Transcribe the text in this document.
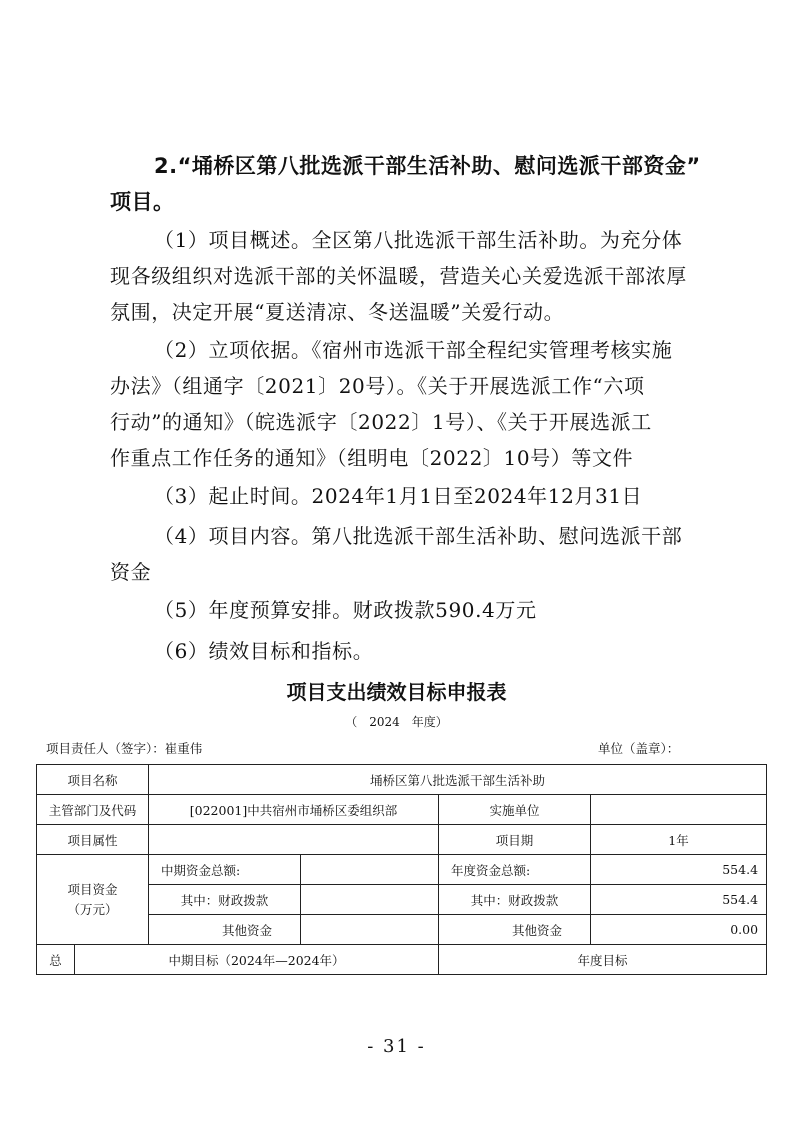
2.“埇桥区第八批选派干部生活补助、慰问选派干部资金”
项目。
（1）项目概述。全区第八批选派干部生活补助。为充分体
现各级组织对选派干部的关怀温暖，营造关心关爱选派干部浓厚
氛围，决定开展“夏送清凉、冬送温暖”关爱行动。
（2）立项依据。《宿州市选派干部全程纪实管理考核实施
办法》（组通字〔2021〕20号）。《关于开展选派工作“六项
行动”的通知》（皖选派字〔2022〕1号）、《关于开展选派工
作重点工作任务的通知》（组明电〔2022〕10号）等文件
（3）起止时间。2024年1月1日至2024年12月31日
（4）项目内容。第八批选派干部生活补助、慰问选派干部
资金
（5）年度预算安排。财政拨款590.4万元
（6）绩效目标和指标。
项目支出绩效目标申报表
（　2024　年度）
项目责任人（签字）：崔重伟	单位（盖章）：
项目名称		埇桥区第八批选派干部生活补助			
主管部门及代码		[022001]中共宿州市埇桥区委组织部		实施单位	
项目属性				项目期	1年

项目资金
（万元）		中期资金总额:		年度资金总额:	554.4
		其中：财政拨款		其中：财政拨款	554.4
		其他资金		其他资金	0.00
总	中期目标（2024年—2024年）			年度目标	
- 31 -
